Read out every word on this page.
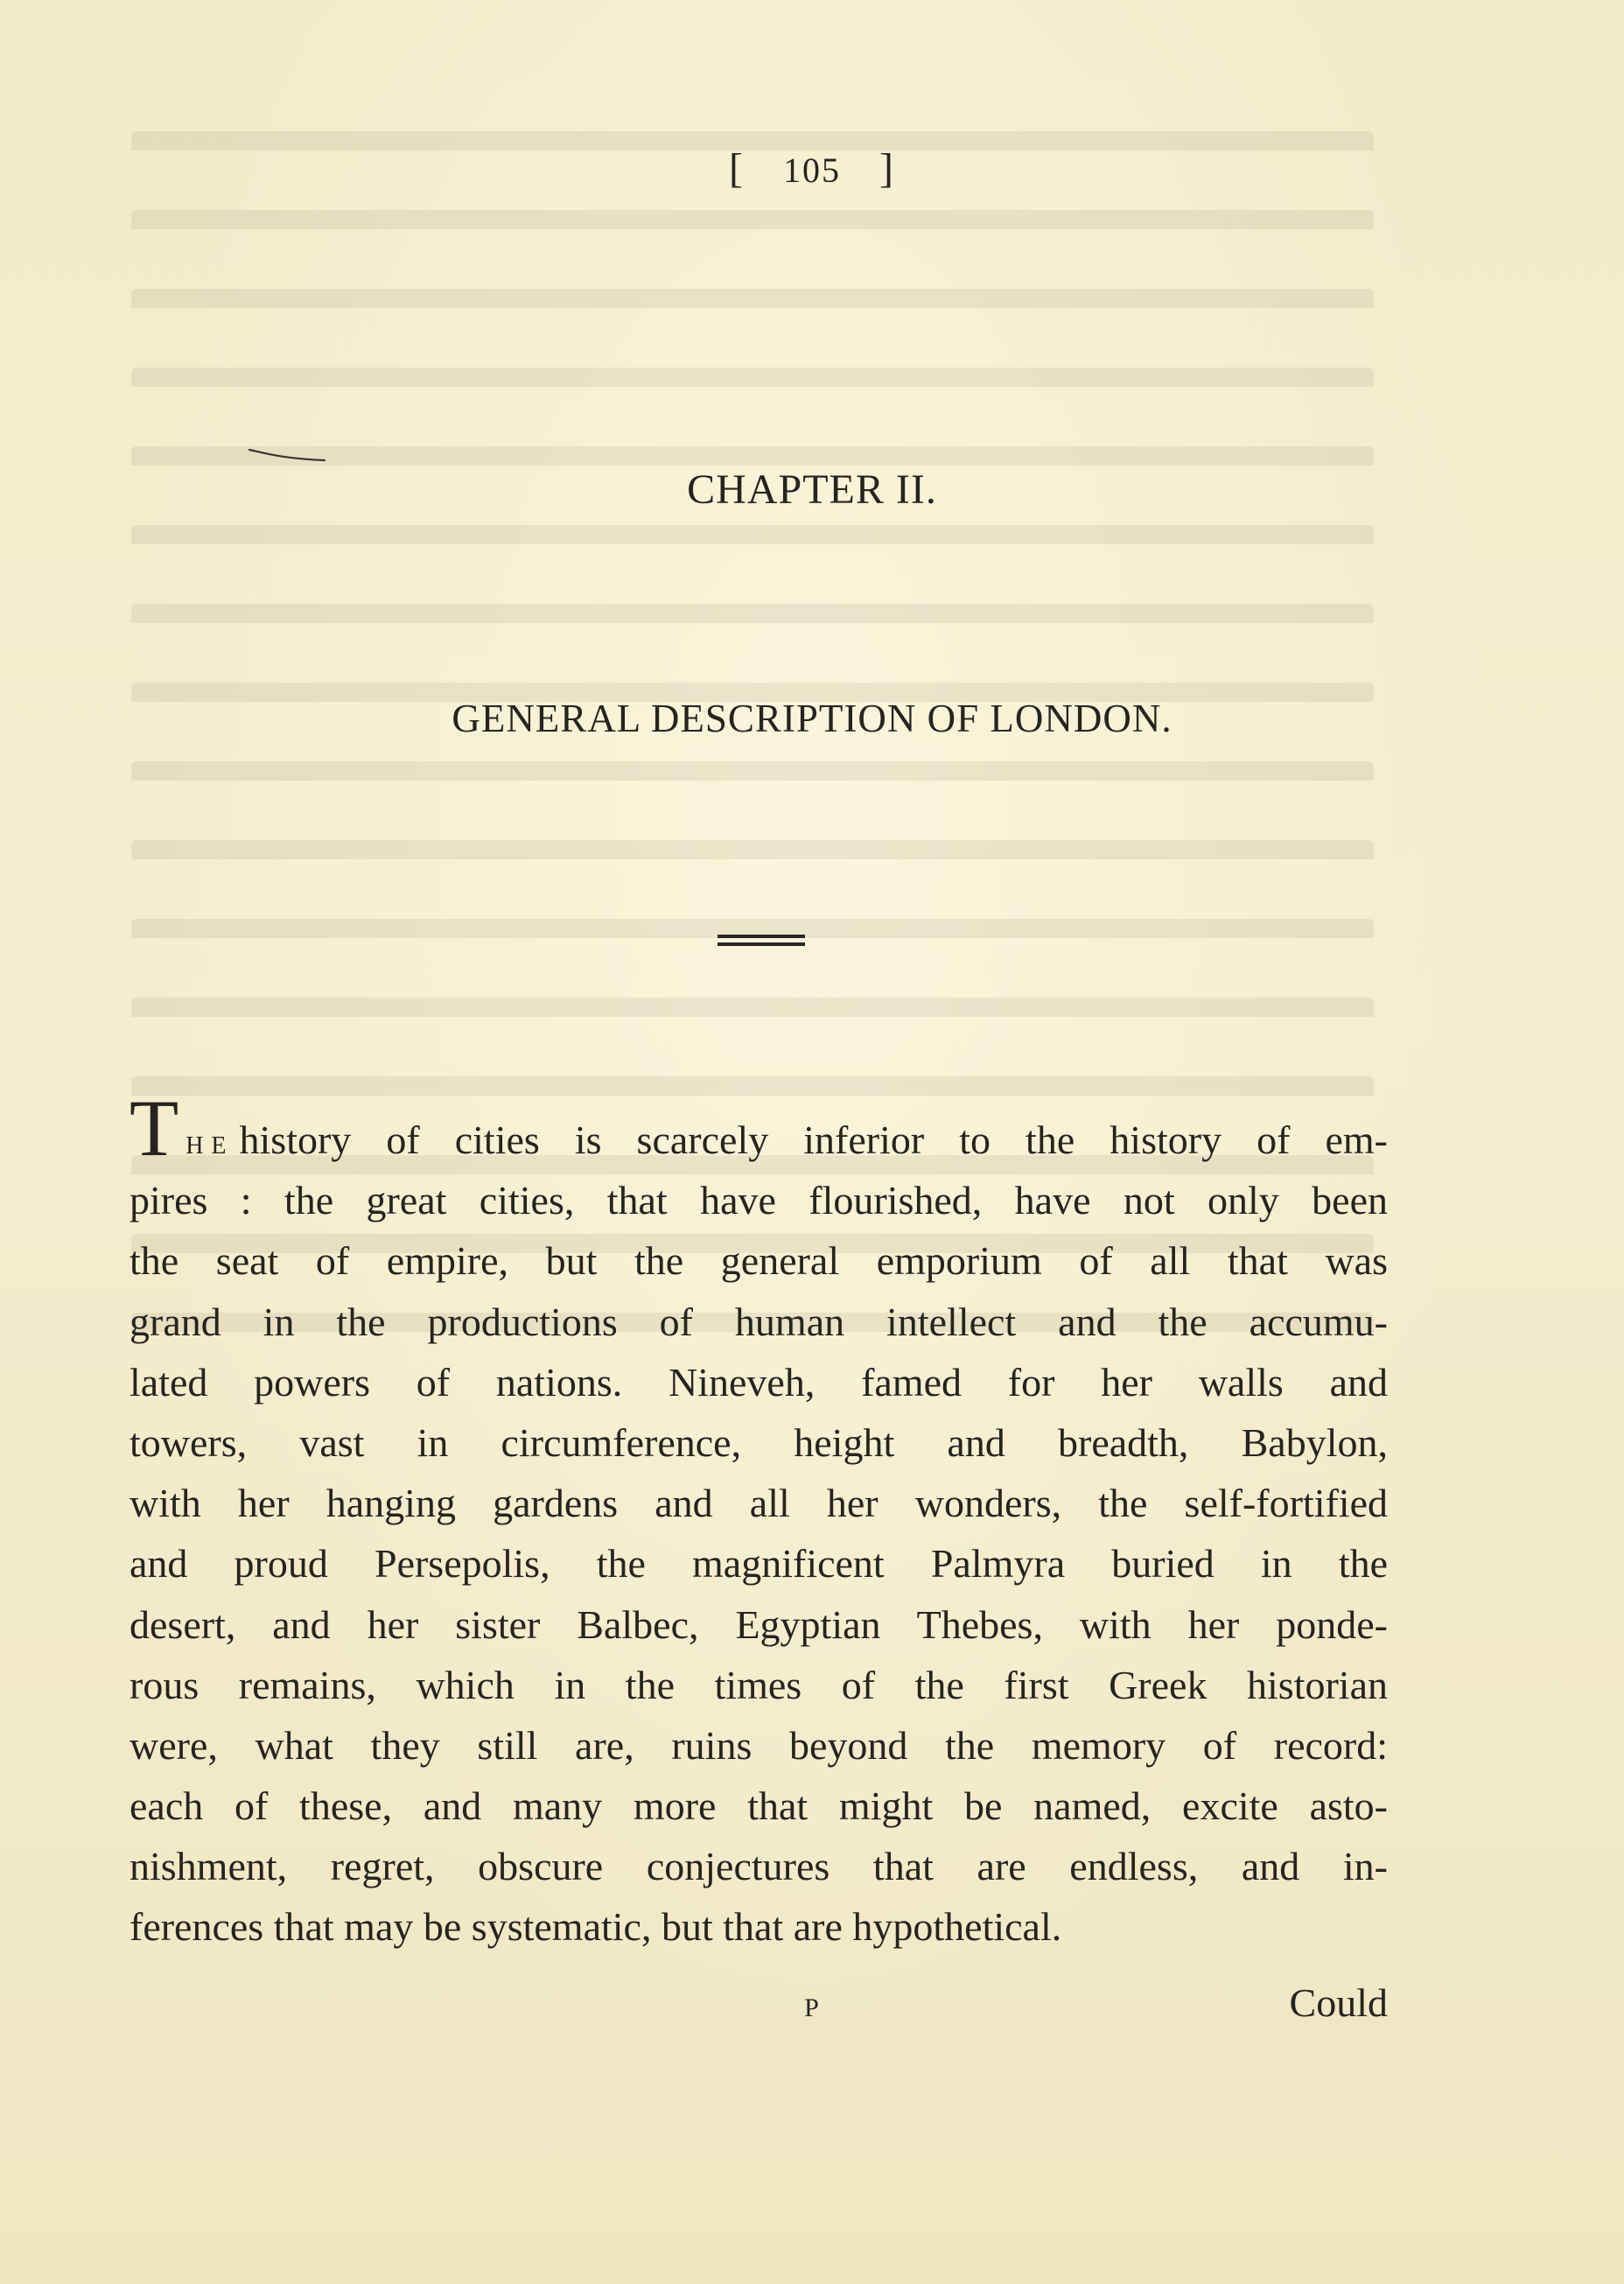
[ 105 ]
CHAPTER II.
GENERAL DESCRIPTION OF LONDON.
THE history of cities is scarcely inferior to the history of em-
pires : the great cities, that have flourished, have not only been
the seat of empire, but the general emporium of all that was
grand in the productions of human intellect and the accumu-
lated powers of nations. Nineveh, famed for her walls and
towers, vast in circumference, height and breadth, Babylon,
with her hanging gardens and all her wonders, the self-fortified
and proud Persepolis, the magnificent Palmyra buried in the
desert, and her sister Balbec, Egyptian Thebes, with her ponde-
rous remains, which in the times of the first Greek historian
were, what they still are, ruins beyond the memory of record:
each of these, and many more that might be named, excite asto-
nishment, regret, obscure conjectures that are endless, and in-
ferences that may be systematic, but that are hypothetical.
P	Could
